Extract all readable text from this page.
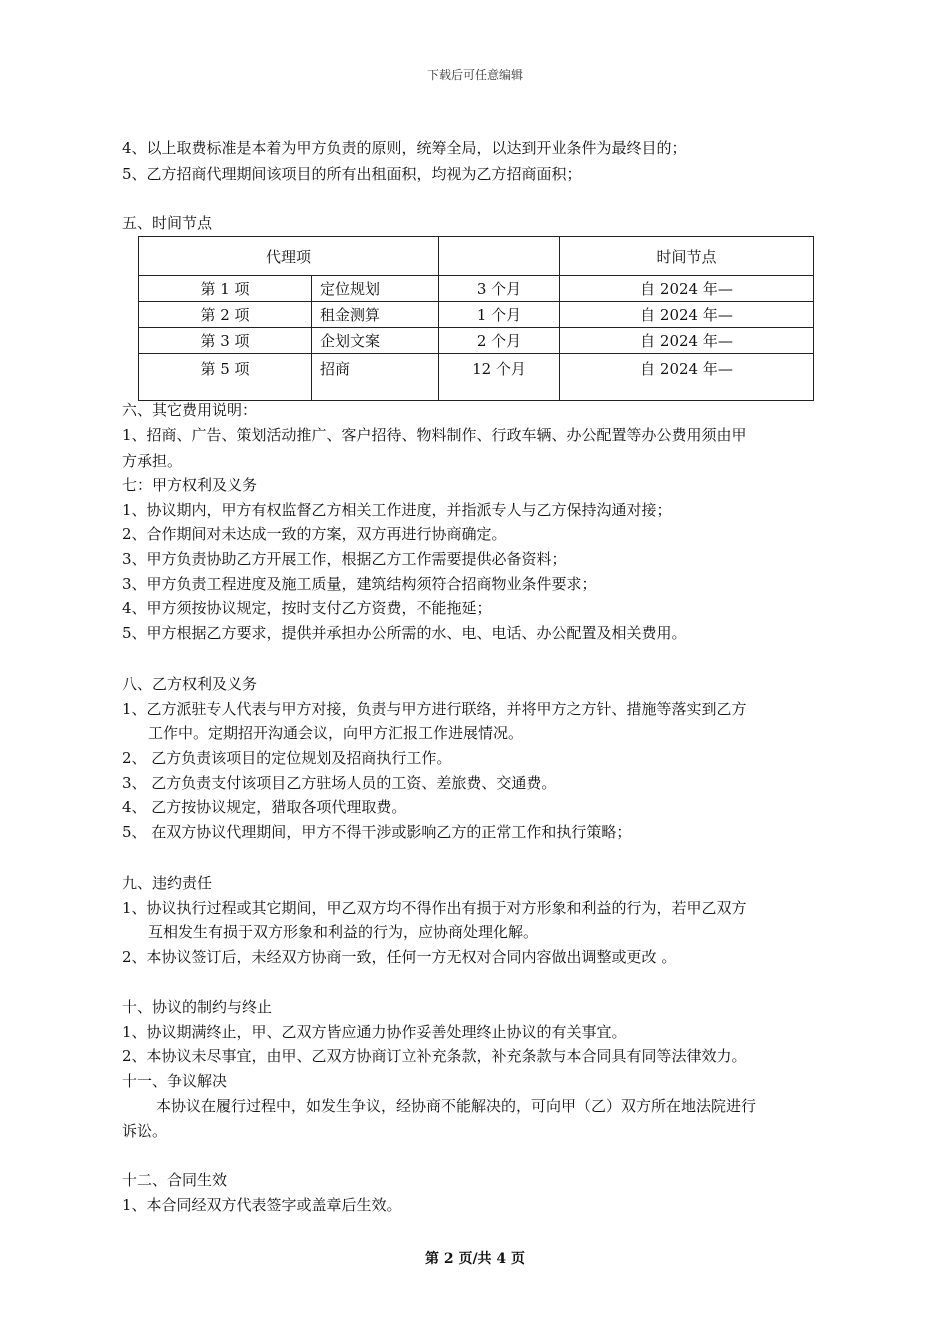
下载后可任意编辑
4、以上取费标准是本着为甲方负责的原则，统筹全局，以达到开业条件为最终目的；
5、乙方招商代理期间该项目的所有出租面积，均视为乙方招商面积；
五、时间节点
代理项			时间节点
第 1 项	定位规划	3 个月	自 2024 年—
第 2 项	租金测算	1 个月	自 2024 年—
第 3 项	企划文案	2 个月	自 2024 年—
第 5 项	招商	12 个月	自 2024 年—
六、其它费用说明：
1、招商、广告、策划活动推广、客户招待、物料制作、行政车辆、办公配置等办公费用须由甲
方承担。
七：甲方权利及义务
1、协议期内，甲方有权监督乙方相关工作进度，并指派专人与乙方保持沟通对接；
2、合作期间对未达成一致的方案，双方再进行协商确定。
3、甲方负责协助乙方开展工作，根据乙方工作需要提供必备资料；
3、甲方负责工程进度及施工质量，建筑结构须符合招商物业条件要求；
4、甲方须按协议规定，按时支付乙方资费，不能拖延；
5、甲方根据乙方要求，提供并承担办公所需的水、电、电话、办公配置及相关费用。
八、乙方权利及义务
1、乙方派驻专人代表与甲方对接，负责与甲方进行联络，并将甲方之方针、措施等落实到乙方
工作中。定期招开沟通会议，向甲方汇报工作进展情况。
2、 乙方负责该项目的定位规划及招商执行工作。
3、 乙方负责支付该项目乙方驻场人员的工资、差旅费、交通费。
4、 乙方按协议规定，猎取各项代理取费。
5、 在双方协议代理期间，甲方不得干涉或影响乙方的正常工作和执行策略；
九、违约责任
1、协议执行过程或其它期间，甲乙双方均不得作出有损于对方形象和利益的行为，若甲乙双方
互相发生有损于双方形象和利益的行为，应协商处理化解。
2、本协议签订后，未经双方协商一致，任何一方无权对合同内容做出调整或更改 。
十、协议的制约与终止
1、协议期满终止，甲、乙双方皆应通力协作妥善处理终止协议的有关事宜。
2、本协议未尽事宜，由甲、乙双方协商订立补充条款，补充条款与本合同具有同等法律效力。
十一、争议解决
本协议在履行过程中，如发生争议，经协商不能解决的，可向甲（乙）双方所在地法院进行
诉讼。
十二、合同生效
1、本合同经双方代表签字或盖章后生效。
第 2 页/共 4 页
